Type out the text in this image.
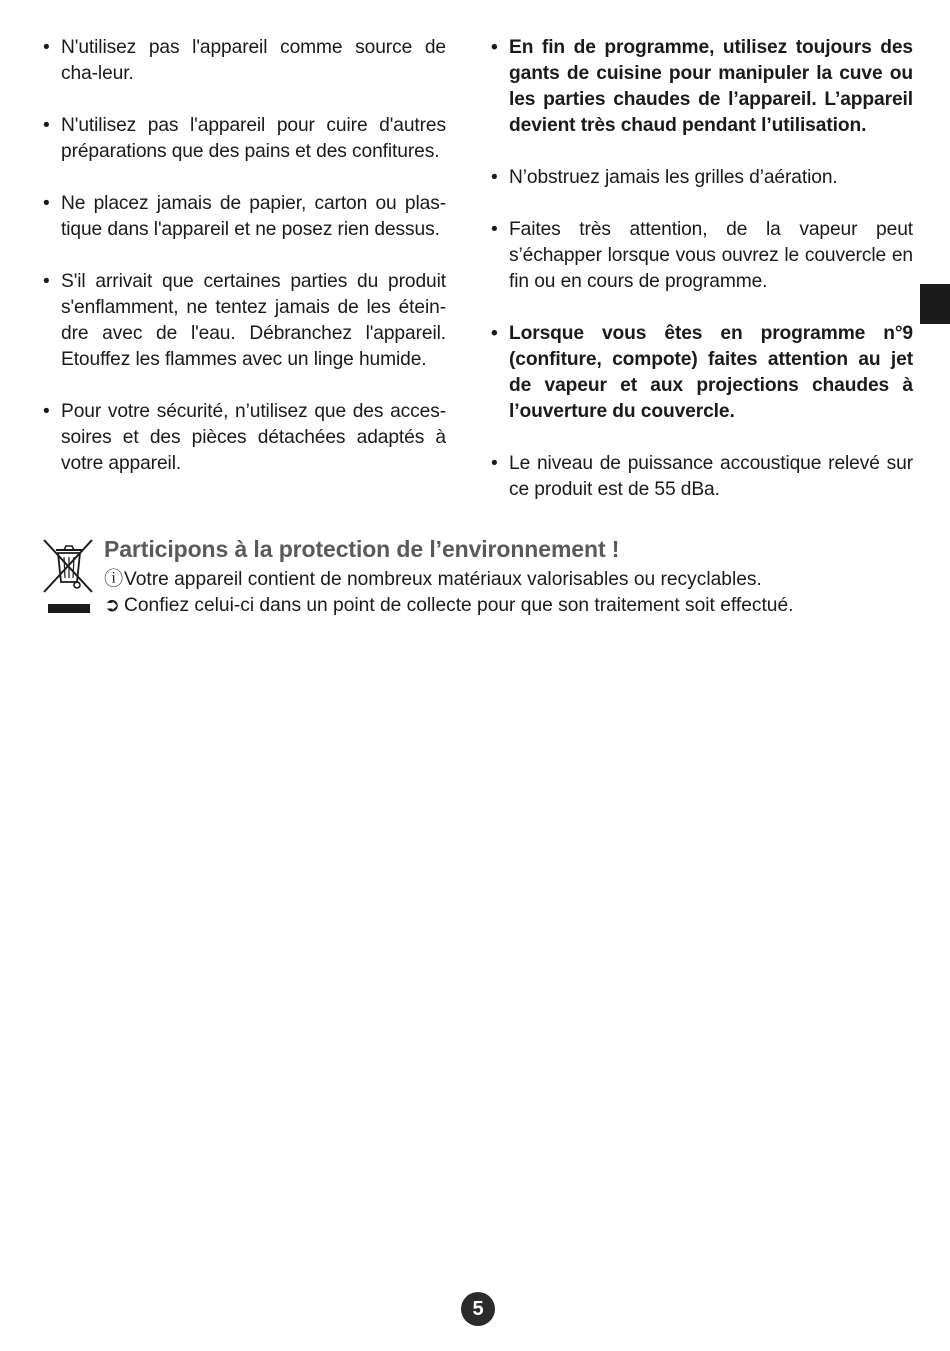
• N'utilisez pas l'appareil comme source de cha-leur.

• N'utilisez pas l'appareil pour cuire d'autres préparations que des pains et des confitures.

• Ne placez jamais de papier, carton ou plas-tique dans l'appareil et ne posez rien dessus.

• S'il arrivait que certaines parties du produit s'enflamment, ne tentez jamais de les étein-dre avec de l'eau. Débranchez l'appareil. Etouffez les flammes avec un linge humide.

• Pour votre sécurité, n’utilisez que des acces-soires et des pièces détachées adaptés à votre appareil.

• En fin de programme, utilisez toujours des gants de cuisine pour manipuler la cuve ou les parties chaudes de l’appareil. L’appareil devient très chaud pendant l’utilisation.

• N’obstruez jamais les grilles d’aération.

• Faites très attention, de la vapeur peut s’échapper lorsque vous ouvrez le couvercle en fin ou en cours de programme.

• Lorsque vous êtes en programme n°9 (confiture, compote) faites attention au jet de vapeur et aux projections chaudes à l’ouverture du couvercle.

• Le niveau de puissance accoustique relevé sur ce produit est de 55 dBa.

Participons à la protection de l’environnement !
ⓘVotre appareil contient de nombreux matériaux valorisables ou recyclables.
➲ Confiez celui-ci dans un point de collecte pour que son traitement soit effectué.
5
